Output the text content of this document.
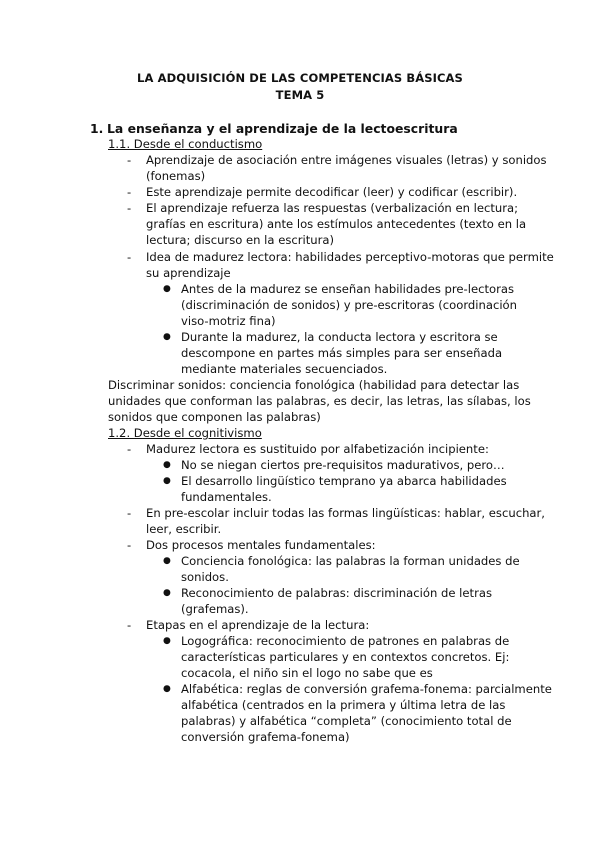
LA ADQUISICIÓN DE LAS COMPETENCIAS BÁSICAS
TEMA 5
1. La enseñanza y el aprendizaje de la lectoescritura
1.1. Desde el conductismo
- Aprendizaje de asociación entre imágenes visuales (letras) y sonidos
(fonemas)
- Este aprendizaje permite decodificar (leer) y codificar (escribir).
- El aprendizaje refuerza las respuestas (verbalización en lectura;
grafías en escritura) ante los estímulos antecedentes (texto en la
lectura; discurso en la escritura)
- Idea de madurez lectora: habilidades perceptivo-motoras que permite
su aprendizaje
● Antes de la madurez se enseñan habilidades pre-lectoras
(discriminación de sonidos) y pre-escritoras (coordinación
viso-motriz fina)
● Durante la madurez, la conducta lectora y escritora se
descompone en partes más simples para ser enseñada
mediante materiales secuenciados.
Discriminar sonidos: conciencia fonológica (habilidad para detectar las
unidades que conforman las palabras, es decir, las letras, las sílabas, los
sonidos que componen las palabras)
1.2. Desde el cognitivismo
- Madurez lectora es sustituido por alfabetización incipiente:
● No se niegan ciertos pre-requisitos madurativos, pero…
● El desarrollo lingüístico temprano ya abarca habilidades
fundamentales.
- En pre-escolar incluir todas las formas lingüísticas: hablar, escuchar,
leer, escribir.
- Dos procesos mentales fundamentales:
● Conciencia fonológica: las palabras la forman unidades de
sonidos.
● Reconocimiento de palabras: discriminación de letras
(grafemas).
- Etapas en el aprendizaje de la lectura:
● Logográfica: reconocimiento de patrones en palabras de
características particulares y en contextos concretos. Ej:
cocacola, el niño sin el logo no sabe que es
● Alfabética: reglas de conversión grafema-fonema: parcialmente
alfabética (centrados en la primera y última letra de las
palabras) y alfabética “completa” (conocimiento total de
conversión grafema-fonema)
